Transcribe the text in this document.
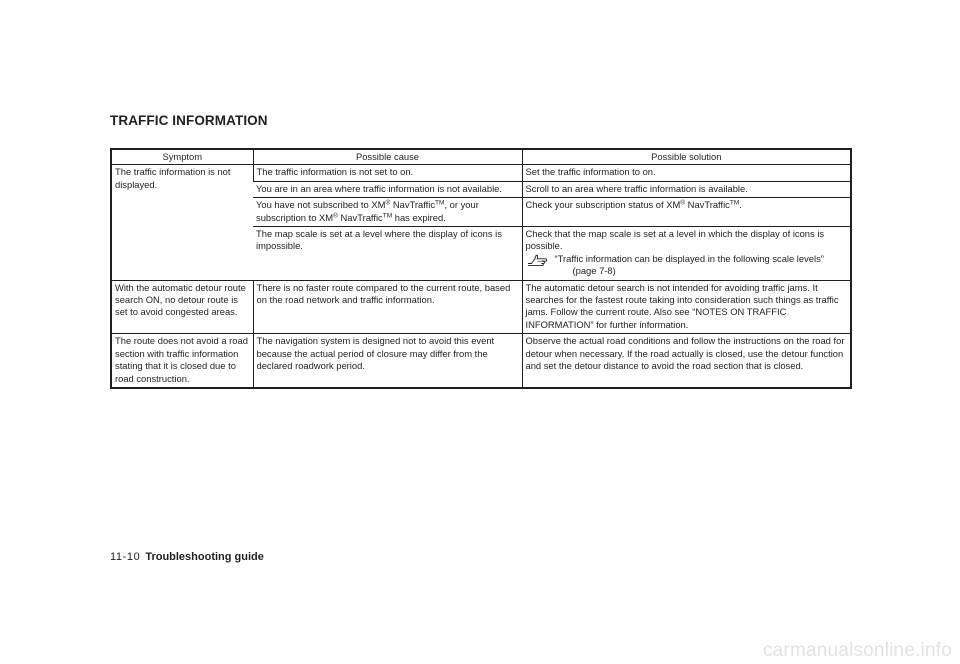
TRAFFIC INFORMATION
Symptom	Possible cause	Possible solution
The traffic information is not displayed.	The traffic information is not set to on.	Set the traffic information to on.
	You are in an area where traffic information is not available.	Scroll to an area where traffic information is available.
	You have not subscribed to XM® NavTraffic™, or your subscription to XM® NavTraffic™ has expired.	Check your subscription status of XM® NavTraffic™.
	The map scale is set at a level where the display of icons is impossible.	Check that the map scale is set at a level in which the display of icons is possible.
“Traffic information can be displayed in the following scale levels”
(page 7-8)

With the automatic detour route search ON, no detour route is set to avoid congested areas.	There is no faster route compared to the current route, based on the road network and traffic information.	The automatic detour search is not intended for avoiding traffic jams. It searches for the fastest route taking into consideration such things as traffic jams. Follow the current route. Also see “NOTES ON TRAFFIC INFORMATION” for further information.
The route does not avoid a road section with traffic information stating that it is closed due to road construction.	The navigation system is designed not to avoid this event because the actual period of closure may differ from the declared roadwork period.	Observe the actual road conditions and follow the instructions on the road for detour when necessary. If the road actually is closed, use the detour function and set the detour distance to avoid the road section that is closed.
11-10 Troubleshooting guide
carmanualsonline.info
